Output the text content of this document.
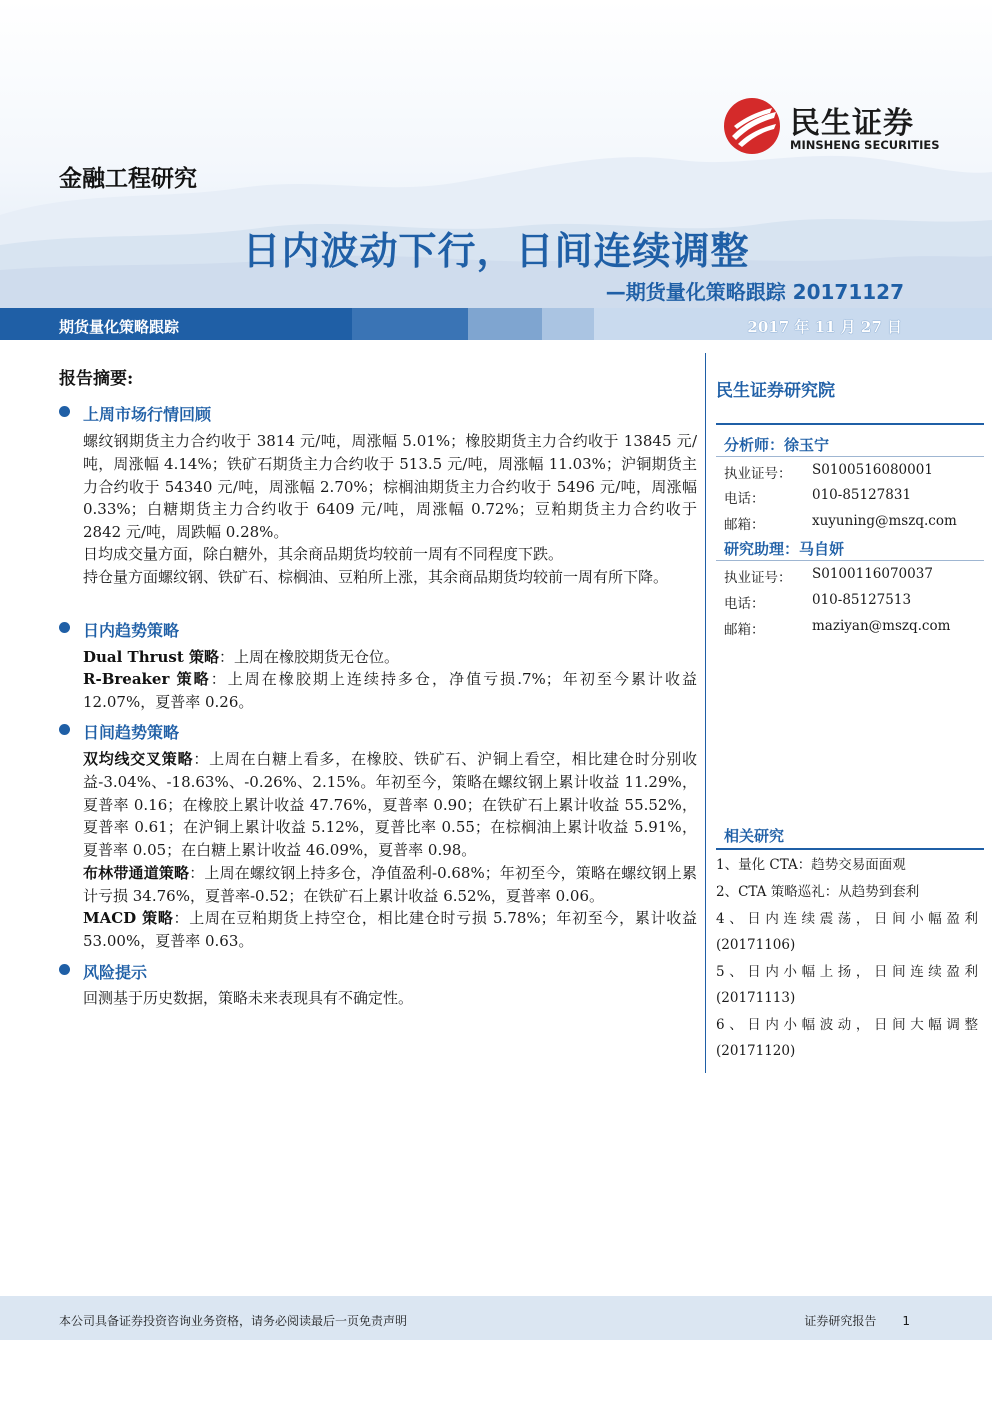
民生证券
MINSHENG SECURITIES
金融工程研究
日内波动下行，日间连续调整
—期货量化策略跟踪 20171127
期货量化策略跟踪	2017 年 11 月 27 日
报告摘要:
上周市场行情回顾
螺纹钢期货主力合约收于 3814 元/吨，周涨幅 5.01%；橡胶期货主力合约收于 13845 元/吨，周涨幅 4.14%；铁矿石期货主力合约收于 513.5 元/吨，周涨幅 11.03%；沪铜期货主力合约收于 54340 元/吨，周涨幅 2.70%；棕榈油期货主力合约收于 5496 元/吨，周涨幅 0.33%；白糖期货主力合约收于 6409 元/吨，周涨幅 0.72%；豆粕期货主力合约收于 2842 元/吨，周跌幅 0.28%。
日均成交量方面，除白糖外，其余商品期货均较前一周有不同程度下跌。
持仓量方面螺纹钢、铁矿石、棕榈油、豆粕所上涨，其余商品期货均较前一周有所下降。
日内趋势策略
Dual Thrust 策略：上周在橡胶期货无仓位。
R-Breaker 策略：上周在橡胶期上连续持多仓，净值亏损.7%；年初至今累计收益 12.07%，夏普率 0.26。
日间趋势策略
双均线交叉策略：上周在白糖上看多，在橡胶、铁矿石、沪铜上看空，相比建仓时分别收益-3.04%、-18.63%、-0.26%、2.15%。年初至今，策略在螺纹钢上累计收益 11.29%，夏普率 0.16；在橡胶上累计收益 47.76%，夏普率 0.90；在铁矿石上累计收益 55.52%，夏普率 0.61；在沪铜上累计收益 5.12%，夏普比率 0.55；在棕榈油上累计收益 5.91%，夏普率 0.05；在白糖上累计收益 46.09%，夏普率 0.98。
布林带通道策略：上周在螺纹钢上持多仓，净值盈利-0.68%；年初至今，策略在螺纹钢上累计亏损 34.76%，夏普率-0.52；在铁矿石上累计收益 6.52%，夏普率 0.06。
MACD 策略：上周在豆粕期货上持空仓，相比建仓时亏损 5.78%；年初至今，累计收益 53.00%，夏普率 0.63。
风险提示
回测基于历史数据，策略未来表现具有不确定性。
民生证券研究院
分析师：徐玉宁
执业证号： S0100516080001
电话：	010-85127831
邮箱：	xuyuning@mszq.com
研究助理：马自妍
执业证号： S0100116070037
电话：	010-85127513
邮箱：	maziyan@mszq.com
相关研究
1、量化 CTA：趋势交易面面观
2、CTA 策略巡礼：从趋势到套利
4、日内连续震荡，日间小幅盈利
(20171106)
5、日内小幅上扬，日间连续盈利
(20171113)
6、日内小幅波动，日间大幅调整
(20171120)
本公司具备证券投资咨询业务资格，请务必阅读最后一页免责声明	证券研究报告 1
